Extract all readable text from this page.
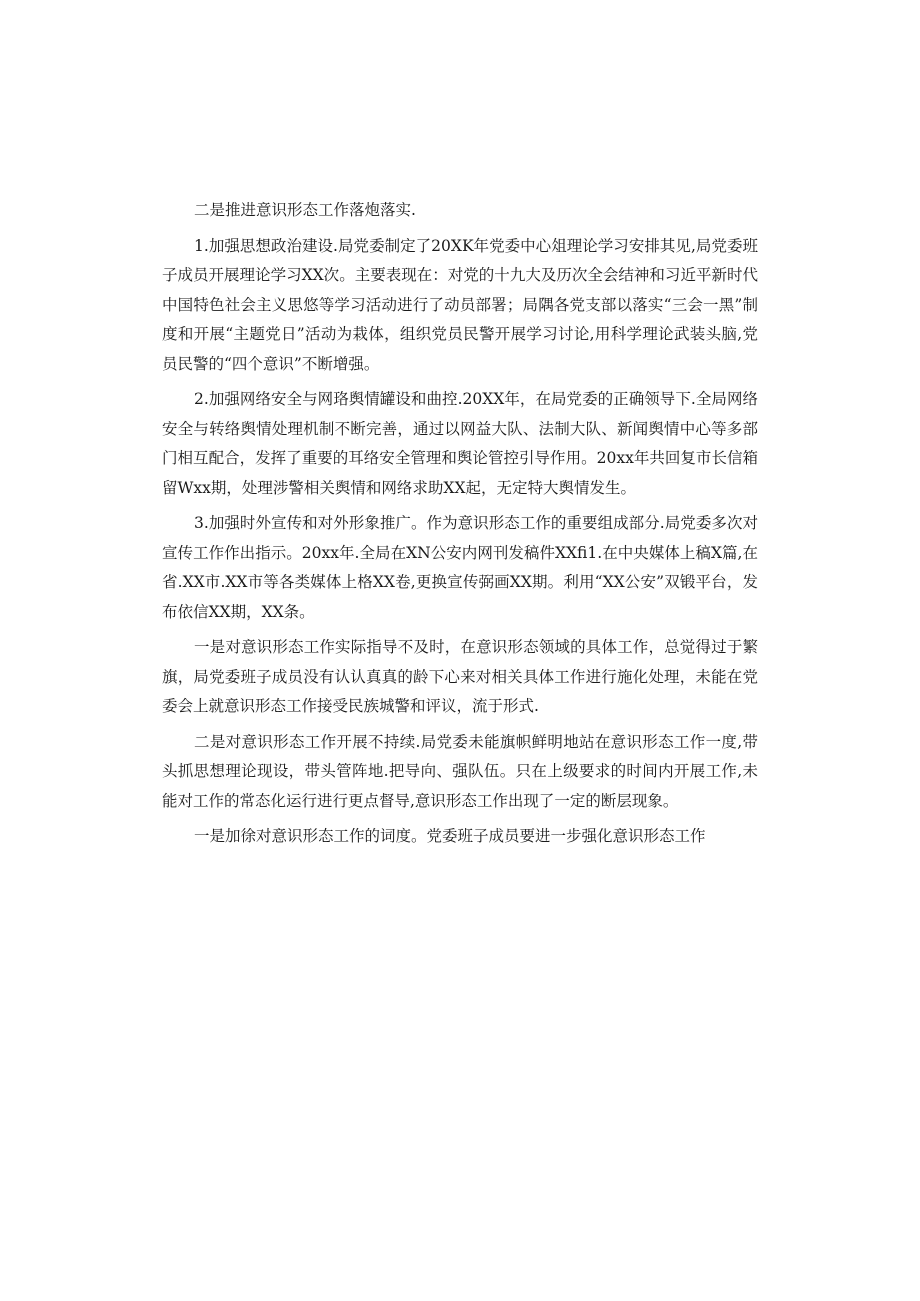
二是推进意识形态工作落炮落实.

1.加强思想政治建设.局党委制定了20XK年党委中心俎理论学习安排其见,局党委班子成员开展理论学习XX次。主要表现在：对党的十九大及历次全会结神和习近平新时代中国特色社会主义思悠等学习活动进行了动员部署；局隅各党支部以落实“三会一黑”制度和开展“主题党日”活动为栽体，组织党员民警开展学习讨论,用科学理论武装头脑,党员民警的“四个意识”不断增强。

2.加强网络安全与网珞舆情罐设和曲控.20XX年，在局党委的正确领导下.全局网络安全与转络舆情处理机制不断完善，通过以网益大队、法制大队、新闻舆情中心等多部门相互配合，发挥了重要的耳络安全管理和舆论管控引导作用。20xx年共回复市长信箱留Wxx期，处理涉警相关舆情和网络求助XX起，无定特大舆情发生。

3.加强时外宣传和对外形象推广。作为意识形态工作的重要组成部分.局党委多次对宣传工作作出指示。20xx年.全局在XN公安内网刊发稿件XXfi1.在中央媒体上稿X篇,在省.XX市.XX市等各类媒体上格XX卷,更换宣传弼画XX期。利用“XX公安”双锻平台，发布依信XX期，XX条。

一是对意识形态工作实际指导不及时，在意识形态领域的具体工作，总觉得过于繁旗，局党委班子成员没有认认真真的龄下心来对相关具体工作进行施化处理，未能在党委会上就意识形态工作接受民族城警和评议，流于形式.

二是对意识形态工作开展不持续.局党委未能旗帜鲜明地站在意识形态工作一度,带头抓思想理论现设，带头管阵地.把导向、强队伍。只在上级要求的时间内开展工作,未能对工作的常态化运行进行更点督导,意识形态工作出现了一定的断层现象。

一是加徐对意识形态工作的词度。党委班子成员要进一步强化意识形态工作
